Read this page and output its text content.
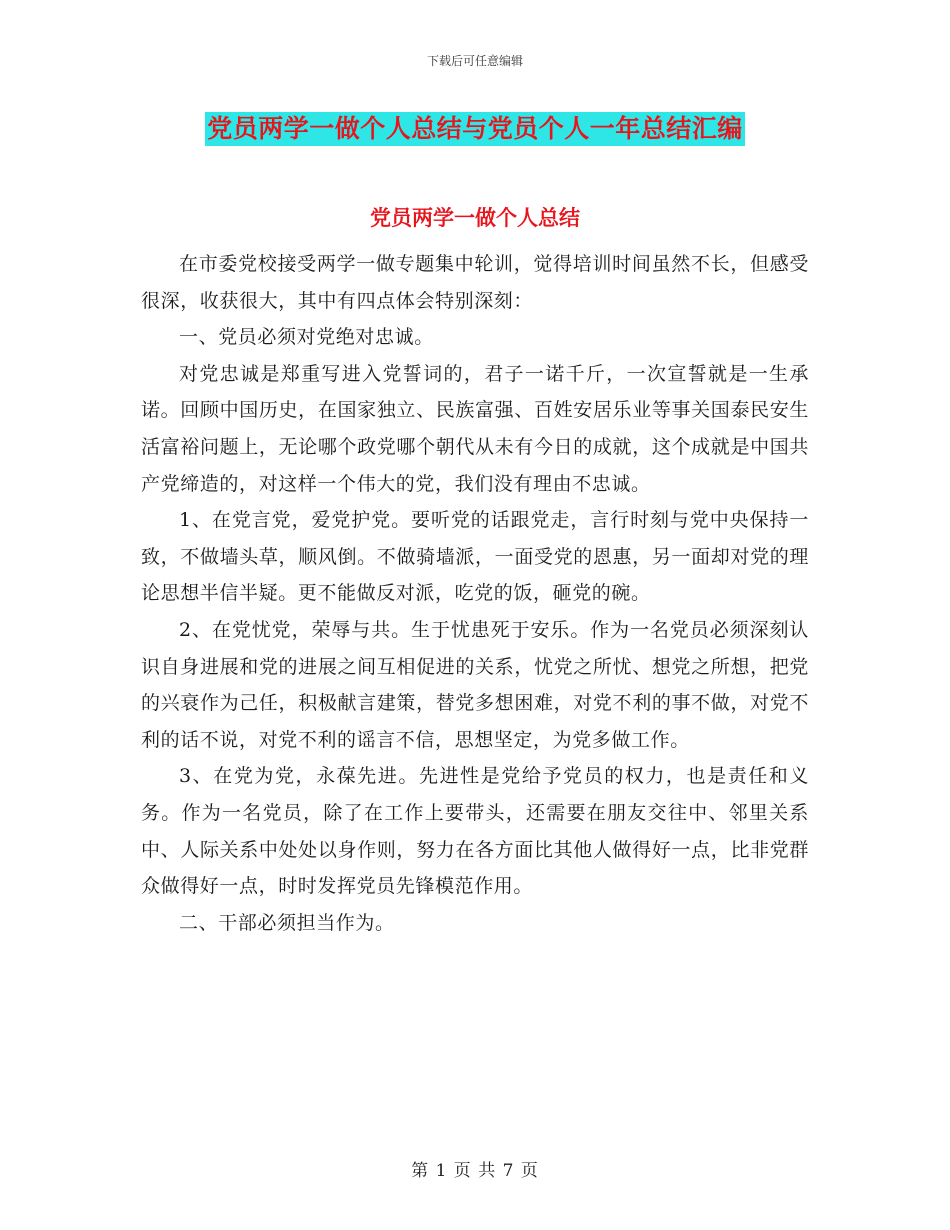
下载后可任意编辑
党员两学一做个人总结与党员个人一年总结汇编
党员两学一做个人总结

在市委党校接受两学一做专题集中轮训，觉得培训时间虽然不长，但感受很深，收获很大，其中有四点体会特别深刻：

一、党员必须对党绝对忠诚。

对党忠诚是郑重写进入党誓词的，君子一诺千斤，一次宣誓就是一生承诺。回顾中国历史，在国家独立、民族富强、百姓安居乐业等事关国泰民安生活富裕问题上，无论哪个政党哪个朝代从未有今日的成就，这个成就是中国共产党缔造的，对这样一个伟大的党，我们没有理由不忠诚。

1、在党言党，爱党护党。要听党的话跟党走，言行时刻与党中央保持一致，不做墙头草，顺风倒。不做骑墙派，一面受党的恩惠，另一面却对党的理论思想半信半疑。更不能做反对派，吃党的饭，砸党的碗。

2、在党忧党，荣辱与共。生于忧患死于安乐。作为一名党员必须深刻认识自身进展和党的进展之间互相促进的关系，忧党之所忧、想党之所想，把党的兴衰作为己任，积极献言建策，替党多想困难，对党不利的事不做，对党不利的话不说，对党不利的谣言不信，思想坚定，为党多做工作。

3、在党为党，永葆先进。先进性是党给予党员的权力，也是责任和义务。作为一名党员，除了在工作上要带头，还需要在朋友交往中、邻里关系中、人际关系中处处以身作则，努力在各方面比其他人做得好一点，比非党群众做得好一点，时时发挥党员先锋模范作用。

二、干部必须担当作为。

第 1 页 共 7 页
